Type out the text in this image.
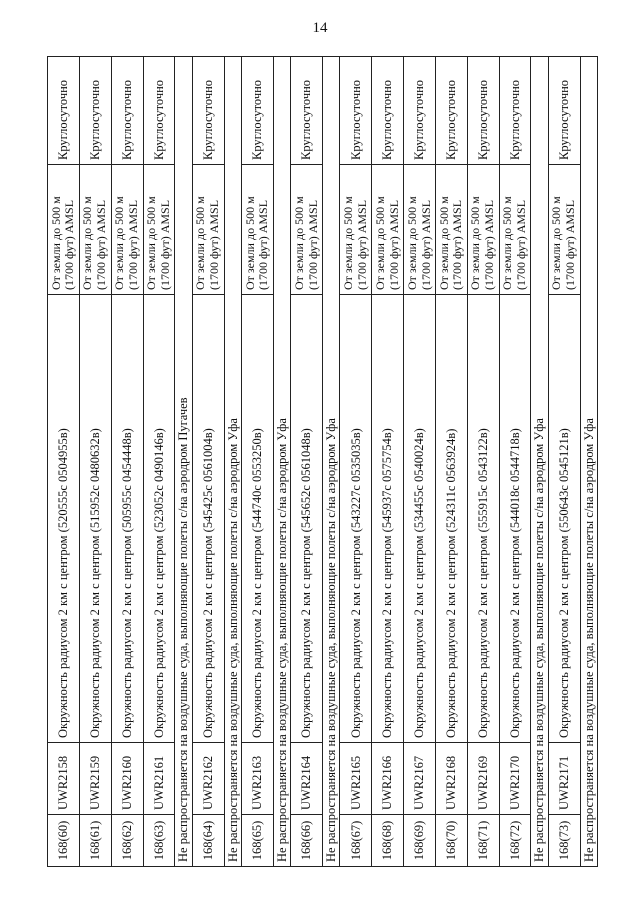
14
168(60)	UWR2158	Окружность радиусом 2 км с центром (520555с 0504955в)	От земли до 500 м (1700 фут) AMSL	Круглосуточно
168(61)	UWR2159	Окружность радиусом 2 км с центром (515952с 0480632в)	От земли до 500 м (1700 фут) AMSL	Круглосуточно
168(62)	UWR2160	Окружность радиусом 2 км с центром (505955с 0454448в)	От земли до 500 м (1700 фут) AMSL	Круглосуточно
168(63)	UWR2161	Окружность радиусом 2 км с центром (523052с 0490146в)	От земли до 500 м (1700 фут) AMSL	Круглосуточно
Не распространяется на воздушные суда, выполняющие полеты с/на аэродром Пугачев				
168(64)	UWR2162	Окружность радиусом 2 км с центром (545425с 0561004в)	От земли до 500 м (1700 фут) AMSL	Круглосуточно
Не распространяется на воздушные суда, выполняющие полеты с/на аэродром Уфа				
168(65)	UWR2163	Окружность радиусом 2 км с центром (544740с 0553250в)	От земли до 500 м (1700 фут) AMSL	Круглосуточно
Не распространяется на воздушные суда, выполняющие полеты с/на аэродром Уфа				
168(66)	UWR2164	Окружность радиусом 2 км с центром (545652с 0561048в)	От земли до 500 м (1700 фут) AMSL	Круглосуточно
Не распространяется на воздушные суда, выполняющие полеты с/на аэродром Уфа				
168(67)	UWR2165	Окружность радиусом 2 км с центром (543227с 0535035в)	От земли до 500 м (1700 фут) AMSL	Круглосуточно
168(68)	UWR2166	Окружность радиусом 2 км с центром (545937с 0575754в)	От земли до 500 м (1700 фут) AMSL	Круглосуточно
168(69)	UWR2167	Окружность радиусом 2 км с центром (534455с 0540024в)	От земли до 500 м (1700 фут) AMSL	Круглосуточно
168(70)	UWR2168	Окружность радиусом 2 км с центром (524311с 0563924в)	От земли до 500 м (1700 фут) AMSL	Круглосуточно
168(71)	UWR2169	Окружность радиусом 2 км с центром (555915с 0543122в)	От земли до 500 м (1700 фут) AMSL	Круглосуточно
168(72)	UWR2170	Окружность радиусом 2 км с центром (544018с 0544718в)	От земли до 500 м (1700 фут) AMSL	Круглосуточно
Не распространяется на воздушные суда, выполняющие полеты с/на аэродром Уфа				
168(73)	UWR2171	Окружность радиусом 2 км с центром (550643с 0545121в)	От земли до 500 м (1700 фут) AMSL	Круглосуточно
Не распространяется на воздушные суда, выполняющие полеты с/на аэродром Уфа				
